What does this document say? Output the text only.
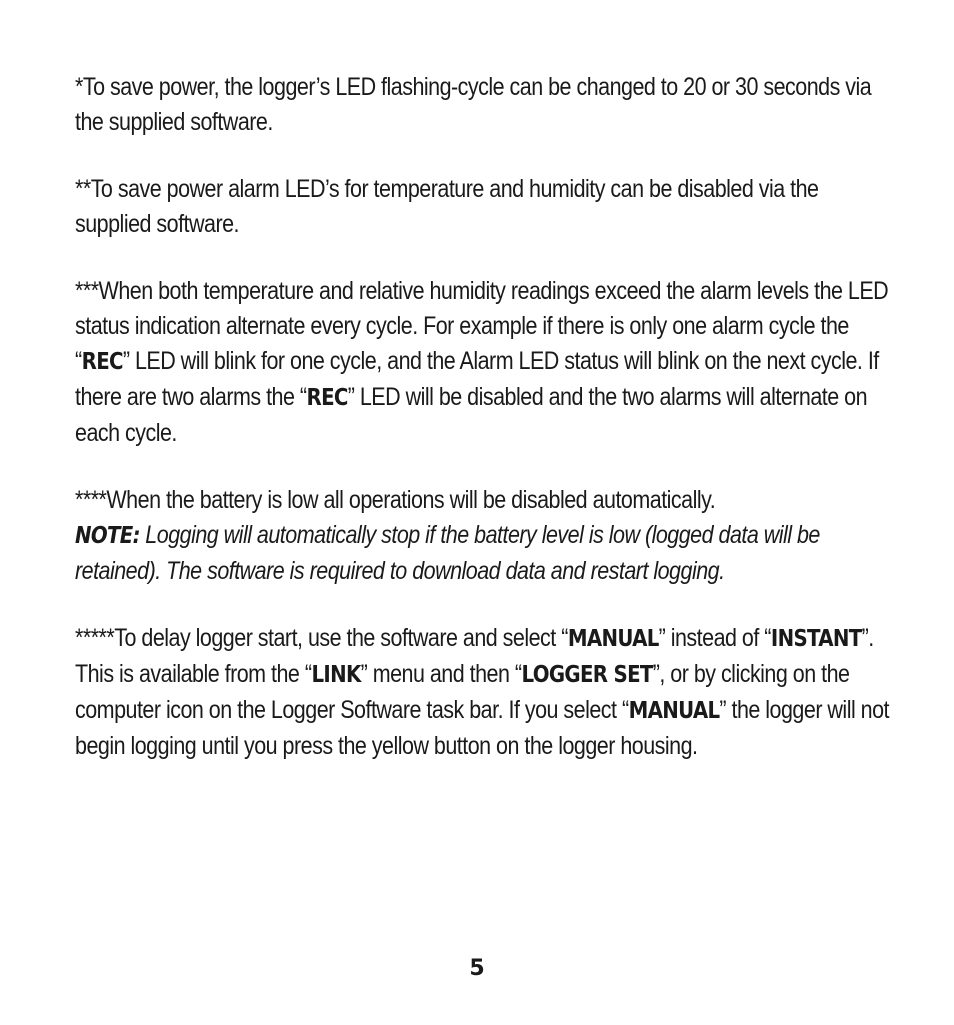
*To save power, the logger’s LED flashing-cycle can be changed to 20 or 30 seconds via the supplied software.

**To save power alarm LED’s for temperature and humidity can be disabled via the supplied software.

***When both temperature and relative humidity readings exceed the alarm levels the LED status indication alternate every cycle. For example if there is only one alarm cycle the “REC” LED will blink for one cycle, and the Alarm LED status will blink on the next cycle. If there are two alarms the “REC” LED will be disabled and the two alarms will alternate on each cycle.

****When the battery is low all operations will be disabled automatically.
NOTE: Logging will automatically stop if the battery level is low (logged data will be retained). The software is required to download data and restart logging.

*****To delay logger start, use the software and select “MANUAL” instead of “INSTANT”. This is available from the “LINK” menu and then “LOGGER SET”, or by clicking on the computer icon on the Logger Software task bar. If you select “MANUAL” the logger will not begin logging until you press the yellow button on the logger housing.

5
